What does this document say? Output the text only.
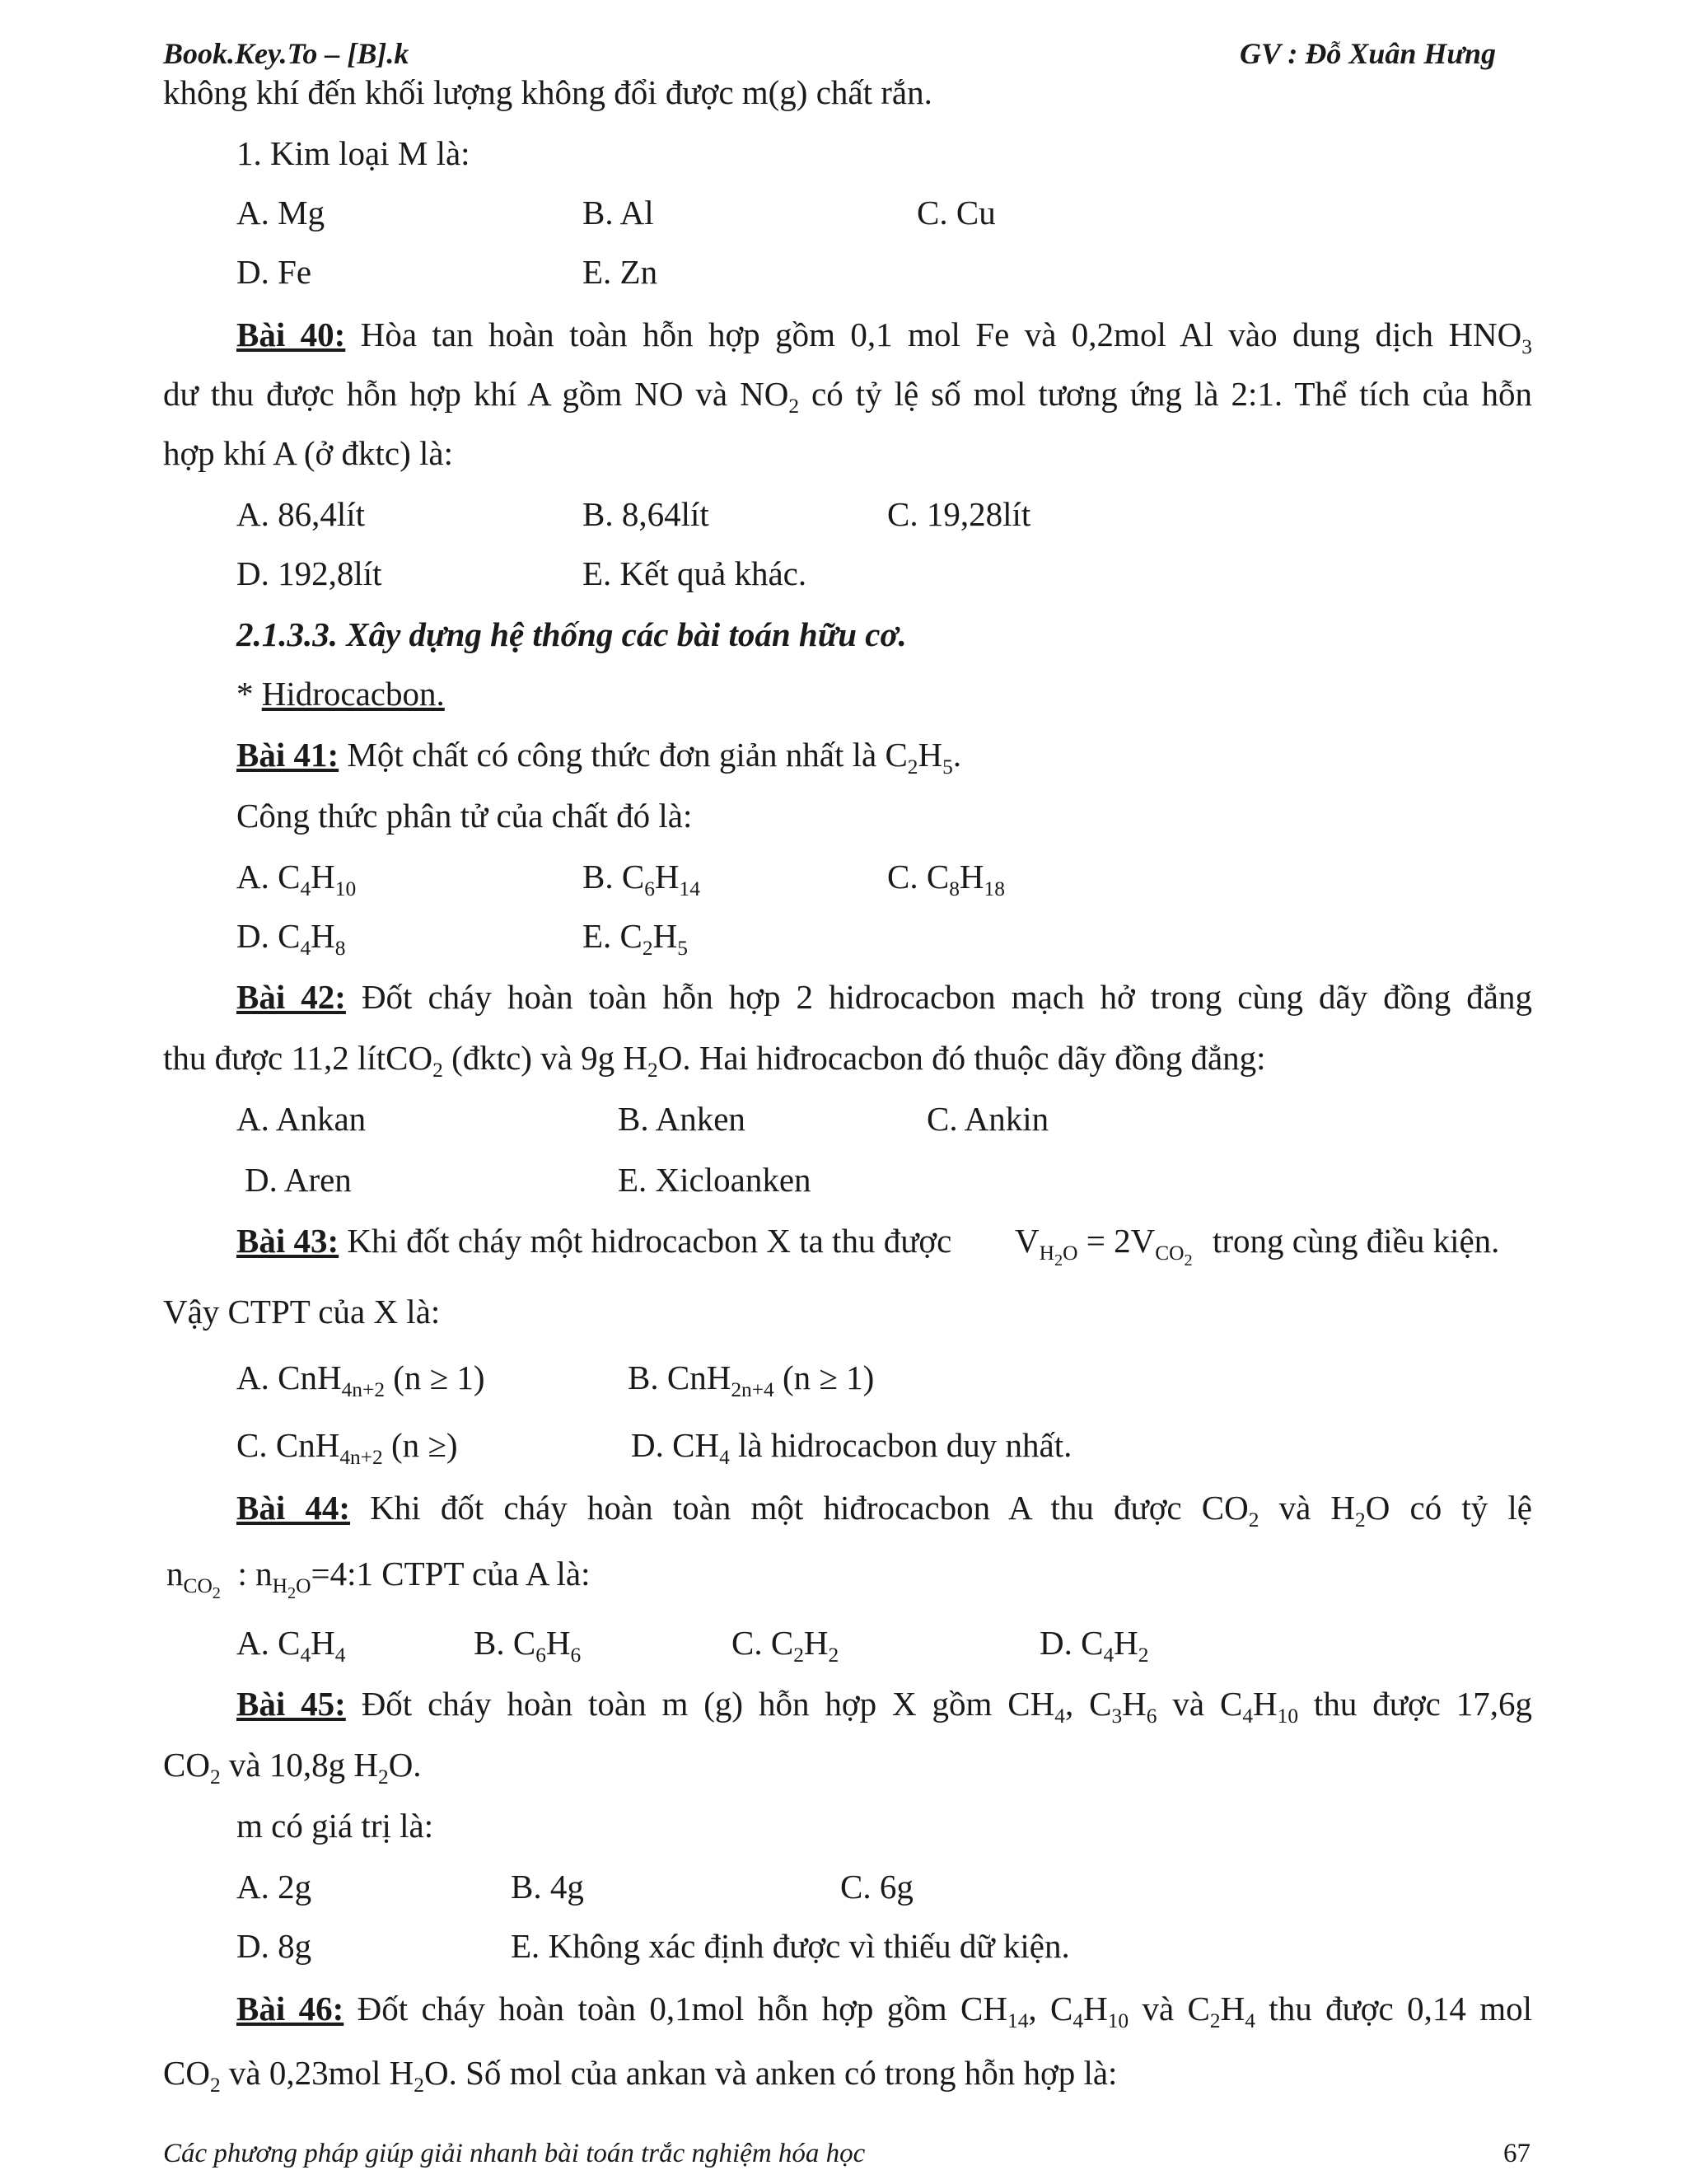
Book.Key.To – [B].k	GV : Đỗ Xuân Hưng
không khí đến khối lượng không đổi được m(g) chất rắn.
1. Kim loại M là:
A. Mg	B. Al	C. Cu
D. Fe	E. Zn
Bài 40: Hòa tan hoàn toàn hỗn hợp gồm 0,1 mol Fe và 0,2mol Al vào dung dịch $HNO_3$
dư thu được hỗn hợp khí A gồm NO và $NO_2$ có tỷ lệ số mol tương ứng là 2:1. Thể tích của hỗn
hợp khí A (ở đktc) là:
A. 86,4lít	B. 8,64lít	C. 19,28lít
D. 192,8lít	E. Kết quả khác.
2.1.3.3. Xây dựng hệ thống các bài toán hữu cơ.
* Hidrocacbon.
Bài 41: Một chất có công thức đơn giản nhất là $C_2H_5$.
Công thức phân tử của chất đó là:
A. $C_4H_{10}$	B. $C_6H_{14}$	C. $C_8H_{18}$
D. $C_4H_8$	E. $C_2H_5$
Bài 42: Đốt cháy hoàn toàn hỗn hợp 2 hidrocacbon mạch hở trong cùng dãy đồng đẳng
thu được 11,2 lítCO$_2$ (đktc) và 9g $H_2O$. Hai hiđrocacbon đó thuộc dãy đồng đẳng:
A. Ankan	B. Anken	C. Ankin
D. Aren	E. Xicloanken
Bài 43: Khi đốt cháy một hidrocacbon X ta thu được $V_{H_2O} = 2V_{CO_2}$
trong cùng điều kiện.
Vậy CTPT của X là:
A. CnH$_{4n+2}$ (n ≥ 1)	B. CnH$_{2n+4}$ (n ≥ 1)
C. CnH$_{4n+2}$ (n ≥)	D. $CH_4$ là hidrocacbon duy nhất.
Bài 44: Khi đốt cháy hoàn toàn một hiđrocacbon A thu được $CO_2$ và $H_2O$ có tỷ lệ
$n_{CO_2}$  : $n_{H_2O}=4:1$ CTPT của A là:
A. $C_4H_4$	B. $C_6H_6$	C. $C_2H_2$	D. $C_4H_2$
Bài 45: Đốt cháy hoàn toàn m (g) hỗn hợp X gồm $CH_4$, $C_3H_6$ và $C_4H_{10}$ thu được 17,6g
$CO_2$ và 10,8g $H_2O$.
m có giá trị là:
A. 2g	B. 4g	C. 6g
D. 8g	E. Không xác định được vì thiếu dữ kiện.
Bài 46: Đốt cháy hoàn toàn 0,1mol hỗn hợp gồm $CH_{14}$, $C_4H_{10}$ và $C_2H_4$ thu được 0,14 mol
$CO_2$ và 0,23mol $H_2O$. Số mol của ankan và anken có trong hỗn hợp là:
Các phương pháp giúp giải nhanh bài toán trắc nghiệm hóa học	67
